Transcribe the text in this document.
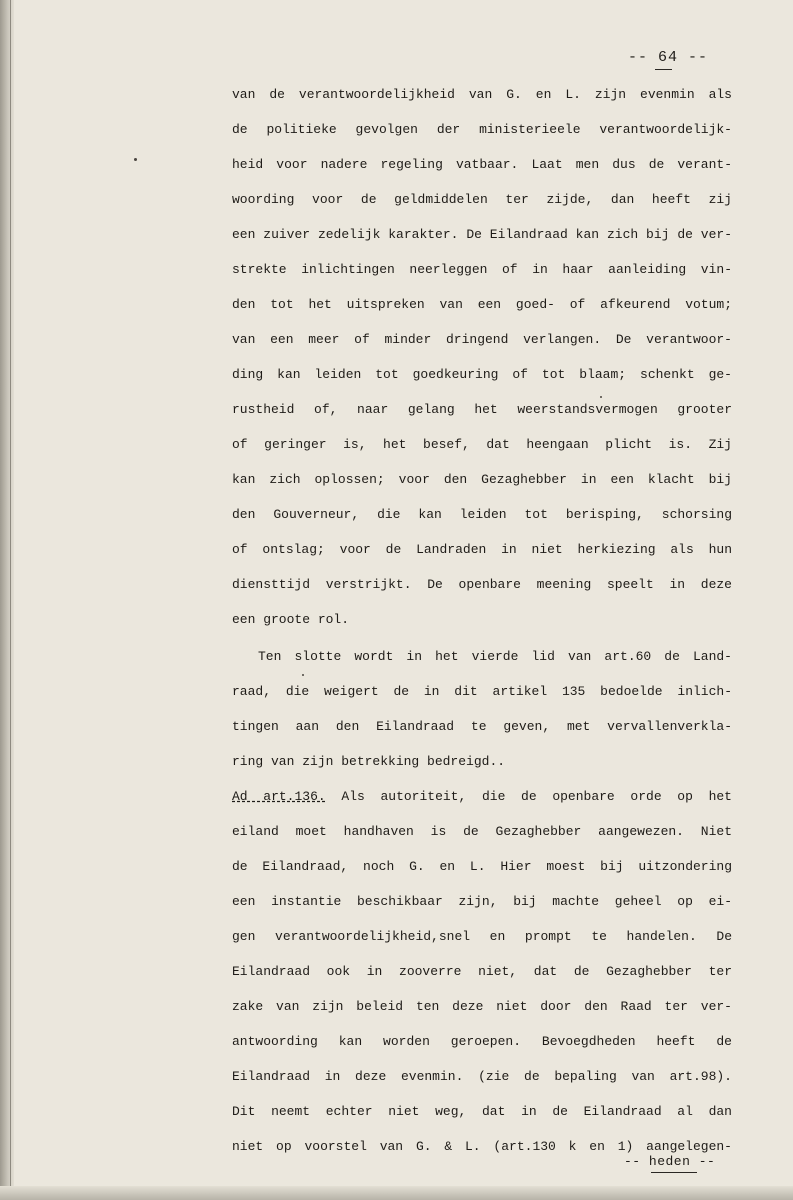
-- 64 --
van de verantwoordelijkheid van G. en L. zijn evenmin als
de politieke gevolgen der ministerieele verantwoordelijk-
heid voor nadere regeling vatbaar. Laat men dus de verant-
woording voor de geldmiddelen ter zijde, dan heeft zij
een zuiver zedelijk karakter. De Eilandraad kan zich bij de ver-
strekte inlichtingen neerleggen of in haar aanleiding vin-
den tot het uitspreken van een goed- of afkeurend votum;
van een meer of minder dringend verlangen. De verantwoor-
ding kan leiden tot goedkeuring of tot blaam; schenkt ge-
rustheid of, naar gelang het weerstandsvermogen grooter
of geringer is, het besef, dat heengaan plicht is. Zij
kan zich oplossen; voor den Gezaghebber in een klacht bij
den Gouverneur, die kan leiden tot berisping, schorsing
of ontslag; voor de Landraden in niet herkiezing als hun
diensttijd verstrijkt. De openbare meening speelt in deze
een groote rol.
Ten slotte wordt in het vierde lid van art.60 de Land-
raad, die weigert de in dit artikel 135 bedoelde inlich-
tingen aan den Eilandraad te geven, met vervallenverkla-
ring van zijn betrekking bedreigd..
Ad art.136. Als autoriteit, die de openbare orde op het
eiland moet handhaven is de Gezaghebber aangewezen. Niet
de Eilandraad, noch G. en L. Hier moest bij uitzondering
een instantie beschikbaar zijn, bij machte geheel op ei-
gen verantwoordelijkheid,snel en prompt te handelen. De
Eilandraad ook in zooverre niet, dat de Gezaghebber ter
zake van zijn beleid ten deze niet door den Raad ter ver-
antwoording kan worden geroepen. Bevoegdheden heeft de
Eilandraad in deze evenmin. (zie de bepaling van art.98).
Dit neemt echter niet weg, dat in de Eilandraad al dan
niet op voorstel van G. & L. (art.130 k en 1) aangelegen-
-- heden --
